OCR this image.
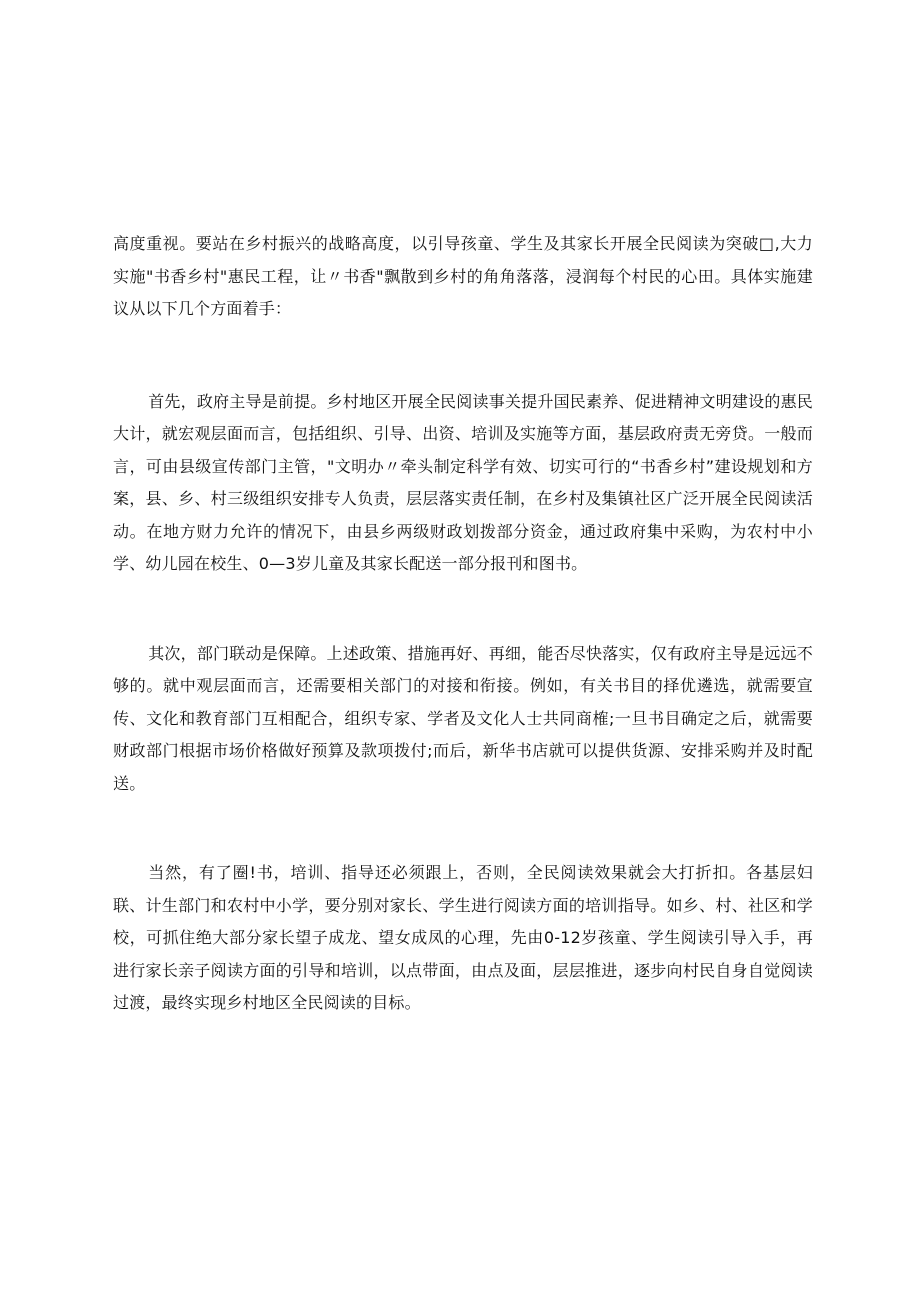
高度重视。要站在乡村振兴的战略高度，以引导孩童、学生及其家长开展全民阅读为突破□,大力实施"书香乡村"惠民工程，让〃书香"飘散到乡村的角角落落，浸润每个村民的心田。具体实施建议从以下几个方面着手：

首先，政府主导是前提。乡村地区开展全民阅读事关提升国民素养、促进精神文明建设的惠民大计，就宏观层面而言，包括组织、引导、出资、培训及实施等方面，基层政府责无旁贷。一般而言，可由县级宣传部门主管，"文明办〃牵头制定科学有效、切实可行的“书香乡村”建设规划和方案，县、乡、村三级组织安排专人负责，层层落实责任制，在乡村及集镇社区广泛开展全民阅读活动。在地方财力允许的情况下，由县乡两级财政划拨部分资金，通过政府集中采购，为农村中小学、幼儿园在校生、0—3岁儿童及其家长配送一部分报刊和图书。

其次，部门联动是保障。上述政策、措施再好、再细，能否尽快落实，仅有政府主导是远远不够的。就中观层面而言，还需要相关部门的对接和衔接。例如，有关书目的择优遴选，就需要宣传、文化和教育部门互相配合，组织专家、学者及文化人士共同商榷;一旦书目确定之后，就需要财政部门根据市场价格做好预算及款项拨付;而后，新华书店就可以提供货源、安排采购并及时配送。

当然，有了圈!书，培训、指导还必须跟上，否则，全民阅读效果就会大打折扣。各基层妇联、计生部门和农村中小学，要分别对家长、学生进行阅读方面的培训指导。如乡、村、社区和学校，可抓住绝大部分家长望子成龙、望女成凤的心理，先由0-12岁孩童、学生阅读引导入手，再进行家长亲子阅读方面的引导和培训，以点带面，由点及面，层层推进，逐步向村民自身自觉阅读过渡，最终实现乡村地区全民阅读的目标。
